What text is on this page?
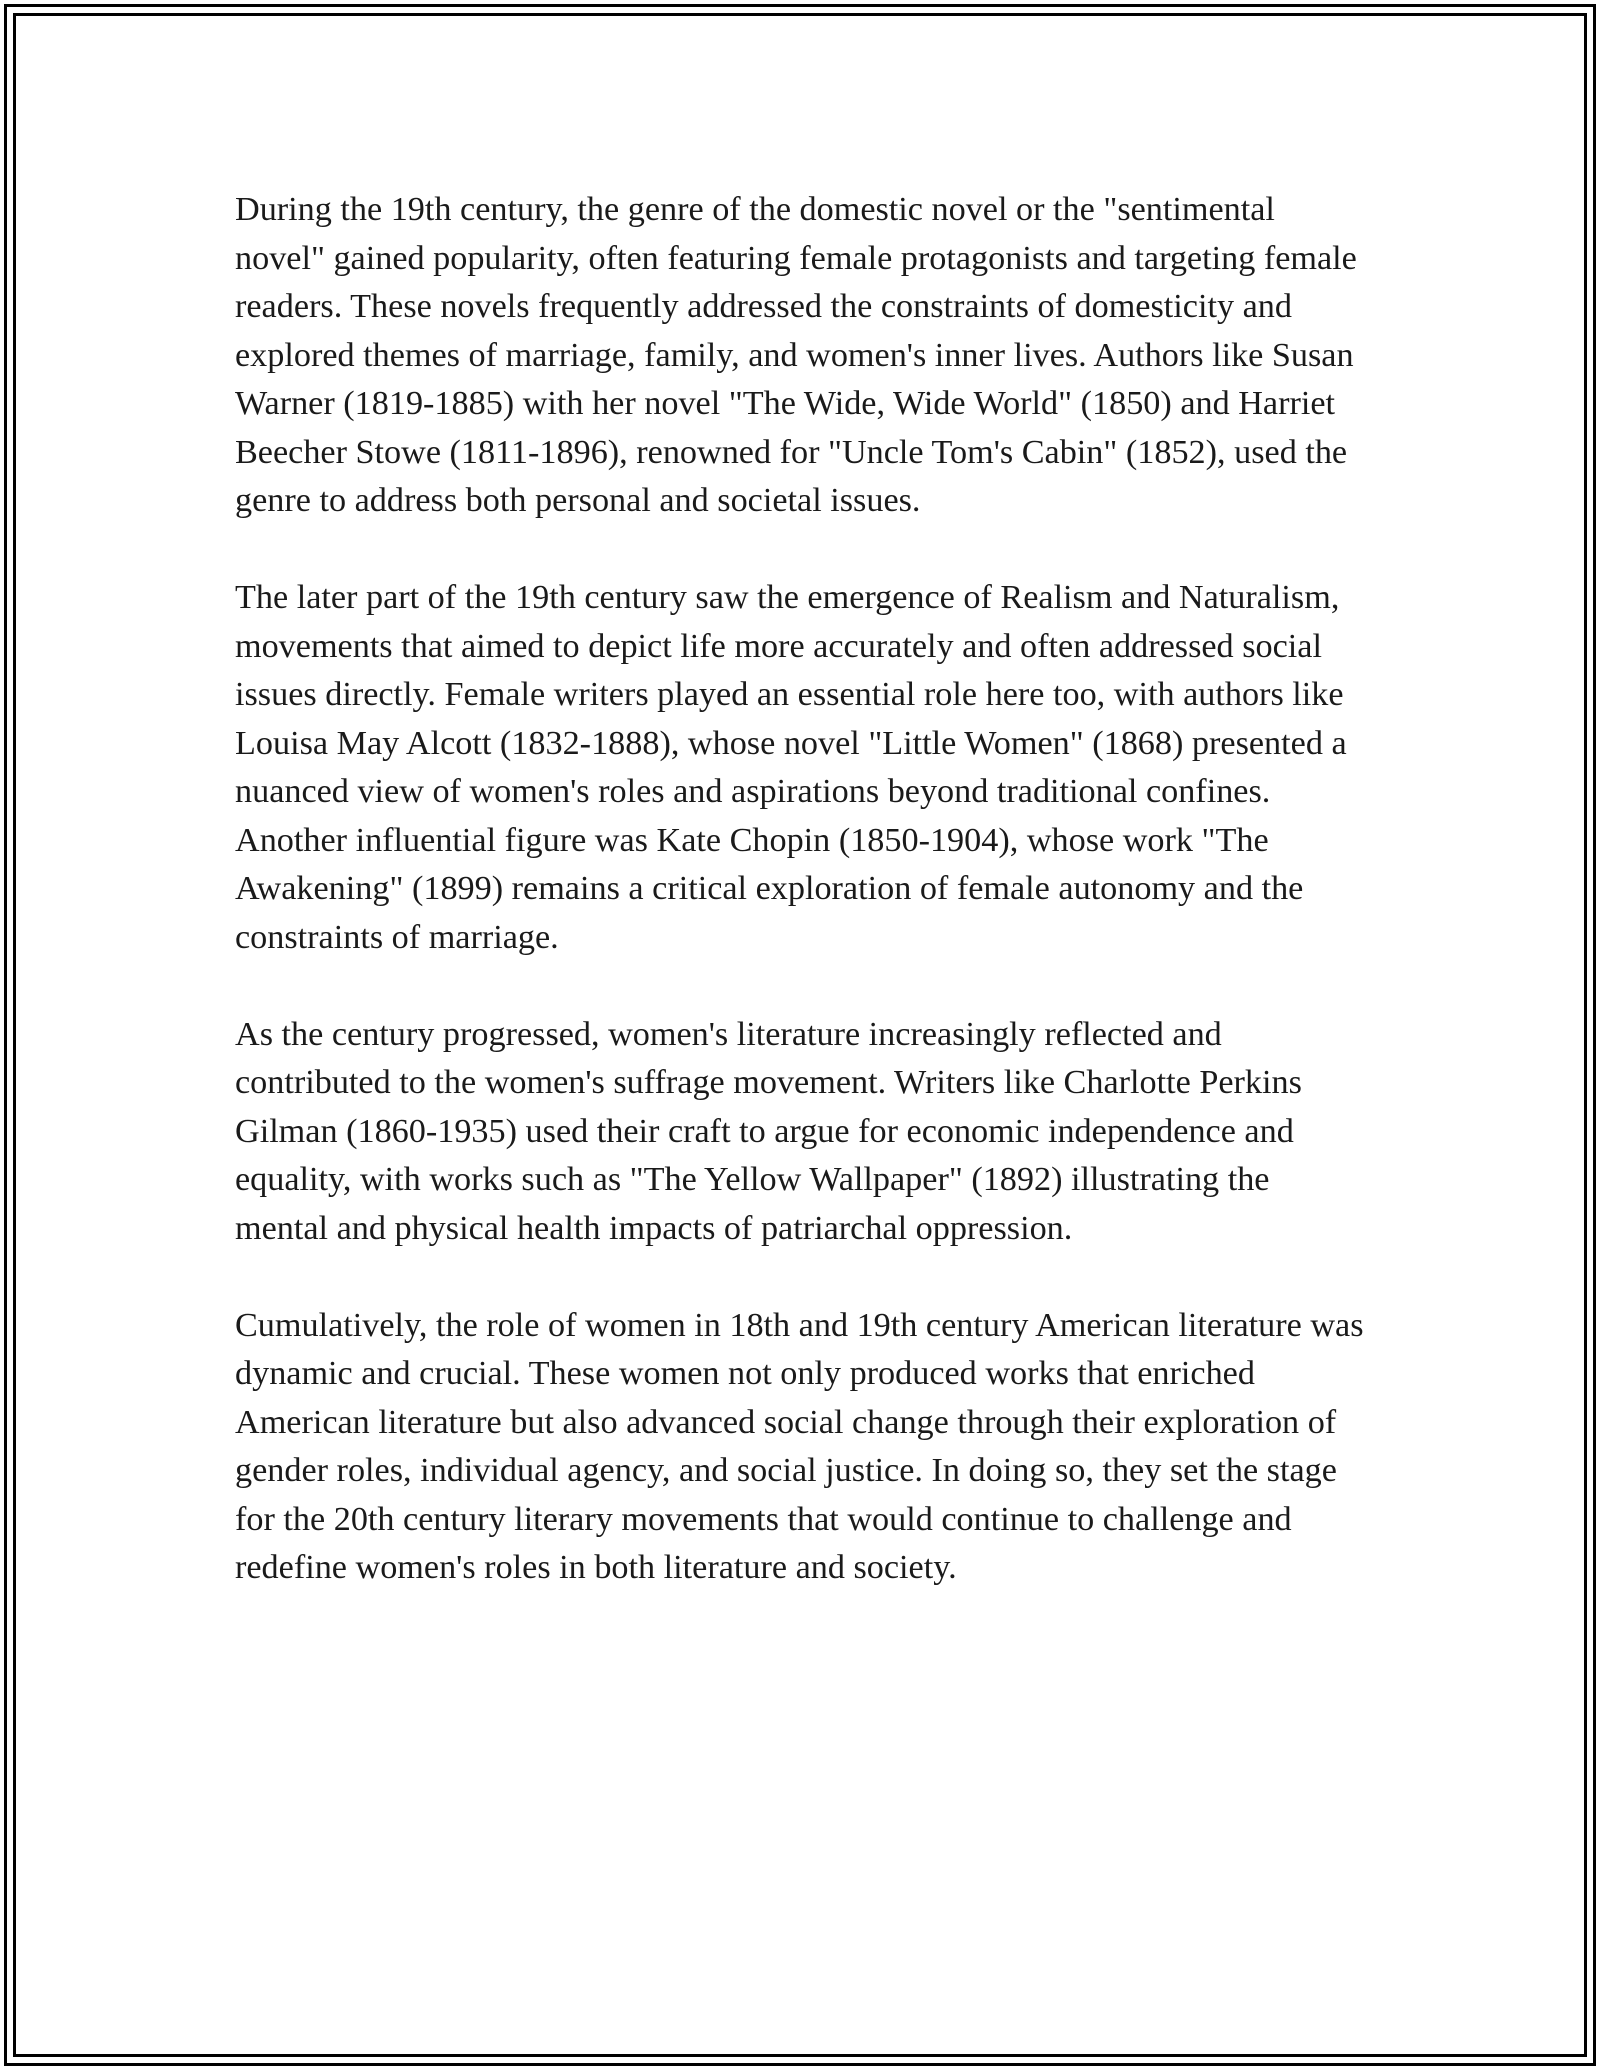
During the 19th century, the genre of the domestic novel or the "sentimental novel" gained popularity, often featuring female protagonists and targeting female readers. These novels frequently addressed the constraints of domesticity and explored themes of marriage, family, and women's inner lives. Authors like Susan Warner (1819-1885) with her novel "The Wide, Wide World" (1850) and Harriet Beecher Stowe (1811-1896), renowned for "Uncle Tom's Cabin" (1852), used the genre to address both personal and societal issues.

The later part of the 19th century saw the emergence of Realism and Naturalism, movements that aimed to depict life more accurately and often addressed social issues directly. Female writers played an essential role here too, with authors like Louisa May Alcott (1832-1888), whose novel "Little Women" (1868) presented a nuanced view of women's roles and aspirations beyond traditional confines. Another influential figure was Kate Chopin (1850-1904), whose work "The Awakening" (1899) remains a critical exploration of female autonomy and the constraints of marriage.

As the century progressed, women's literature increasingly reflected and contributed to the women's suffrage movement. Writers like Charlotte Perkins Gilman (1860-1935) used their craft to argue for economic independence and equality, with works such as "The Yellow Wallpaper" (1892) illustrating the mental and physical health impacts of patriarchal oppression.

Cumulatively, the role of women in 18th and 19th century American literature was dynamic and crucial. These women not only produced works that enriched American literature but also advanced social change through their exploration of gender roles, individual agency, and social justice. In doing so, they set the stage for the 20th century literary movements that would continue to challenge and redefine women's roles in both literature and society.
